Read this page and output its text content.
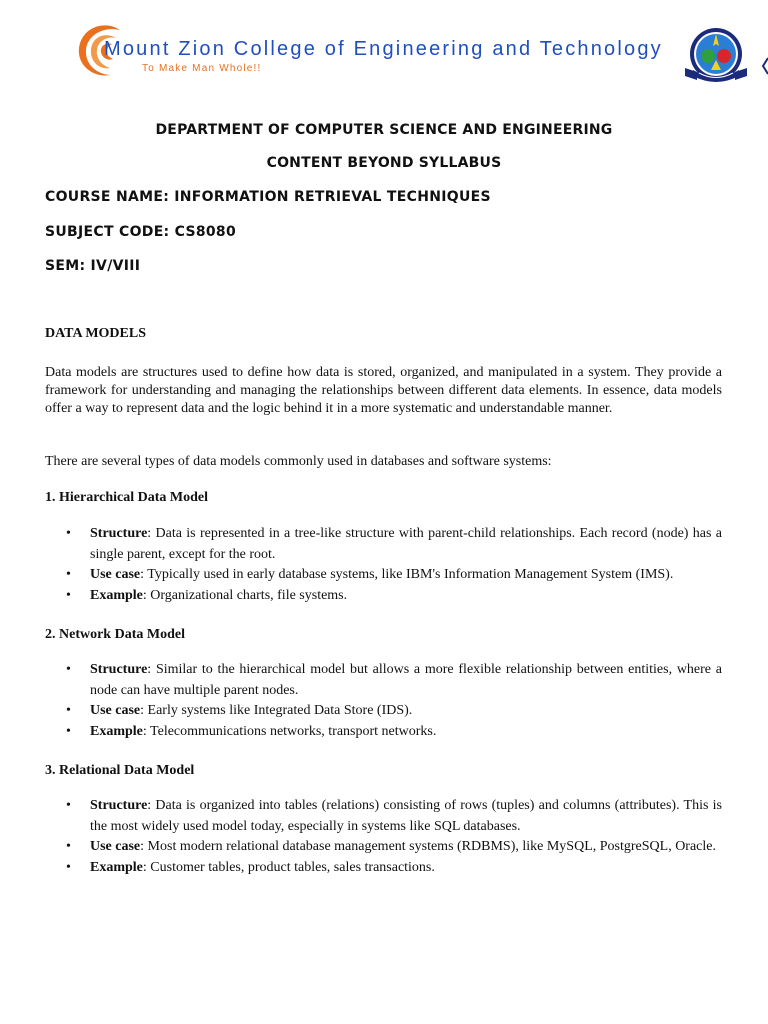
Mount Zion College of Engineering and Technology
To Make Man Whole!!
DEPARTMENT OF COMPUTER SCIENCE AND ENGINEERING
CONTENT BEYOND SYLLABUS
COURSE NAME: INFORMATION RETRIEVAL TECHNIQUES
SUBJECT CODE: CS8080
SEM: IV/VIII
DATA MODELS
Data models are structures used to define how data is stored, organized, and manipulated in a system. They provide a framework for understanding and managing the relationships between different data elements. In essence, data models offer a way to represent data and the logic behind it in a more systematic and understandable manner.
There are several types of data models commonly used in databases and software systems:
1. Hierarchical Data Model
• Structure: Data is represented in a tree-like structure with parent-child relationships. Each record (node) has a single parent, except for the root.
• Use case: Typically used in early database systems, like IBM's Information Management System (IMS).
• Example: Organizational charts, file systems.
2. Network Data Model
• Structure: Similar to the hierarchical model but allows a more flexible relationship between entities, where a node can have multiple parent nodes.
• Use case: Early systems like Integrated Data Store (IDS).
• Example: Telecommunications networks, transport networks.
3. Relational Data Model
• Structure: Data is organized into tables (relations) consisting of rows (tuples) and columns (attributes). This is the most widely used model today, especially in systems like SQL databases.
• Use case: Most modern relational database management systems (RDBMS), like MySQL, PostgreSQL, Oracle.
• Example: Customer tables, product tables, sales transactions.
